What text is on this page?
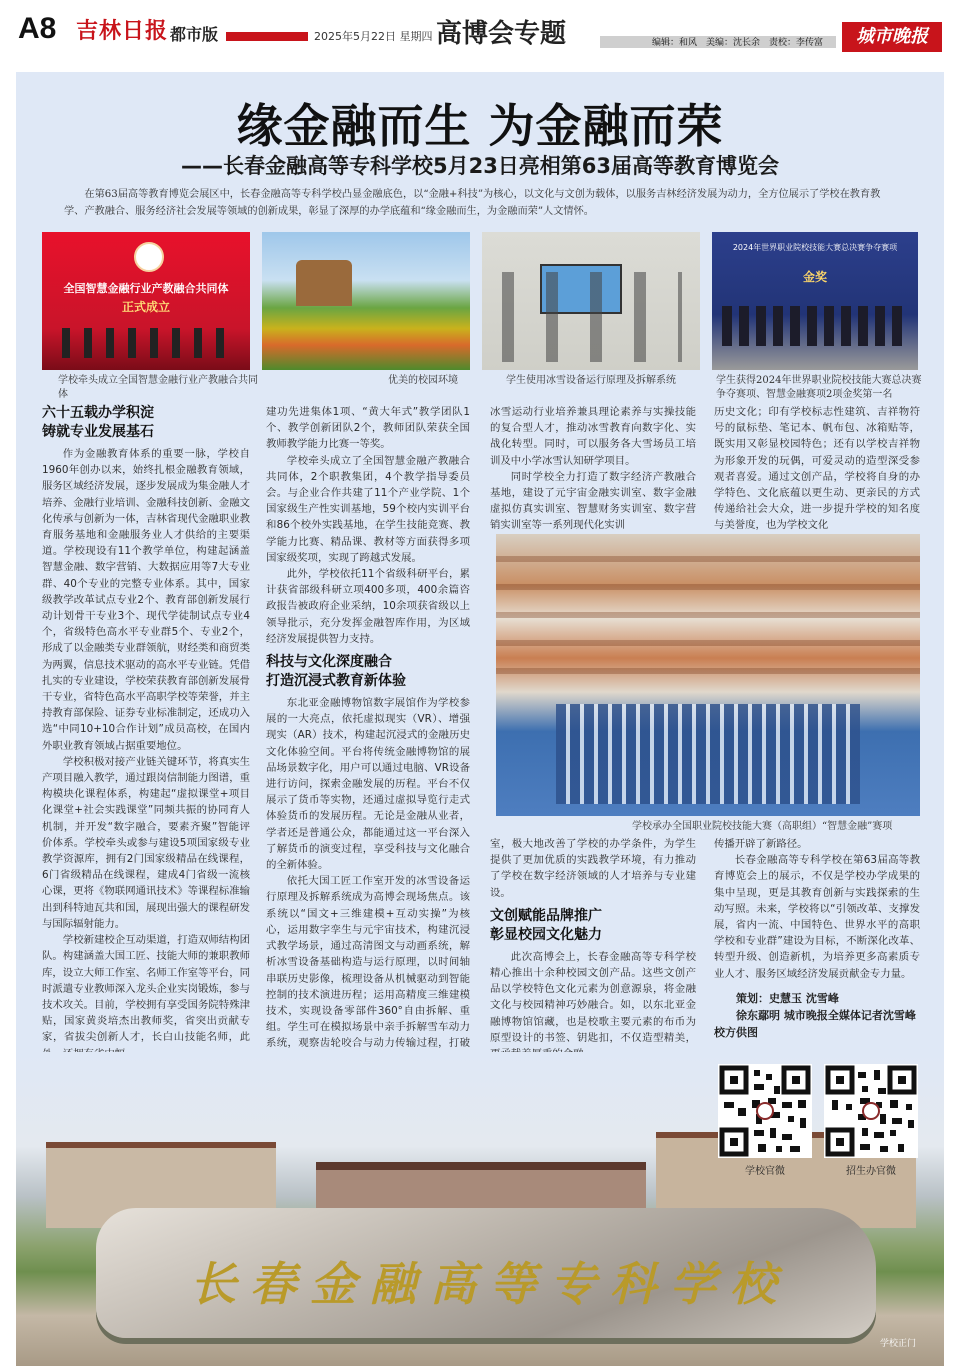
A8 吉林日报 都市版	2025年5月22日 星期四 高博会专题	编辑：和风　美编：沈长余　责校：李传富	城市晚报
缘金融而生 为金融而荣
——长春金融高等专科学校5月23日亮相第63届高等教育博览会
在第63届高等教育博览会展区中，长春金融高等专科学校凸显金融底色，以“金融+科技”为核心，以文化与文创为载体，以服务吉林经济发展为动力，全方位展示了学校在教育教学、产教融合、服务经济社会发展等领域的创新成果，彰显了深厚的办学底蕴和“缘金融而生，为金融而荣”人文情怀。
全国智慧金融行业产教融合共同体
正式成立
学校牵头成立全国智慧金融行业产教融合共同体
优美的校园环境	学生使用冰雪设备运行原理及拆解系统
2024年世界职业院校技能大赛总决赛争夺赛项
金奖
学生获得2024年世界职业院校技能大赛总决赛争夺赛项、智慧金融赛项2项金奖第一名
六十五载办学积淀
铸就专业发展基石

作为金融教育体系的重要一脉，学校自1960年创办以来，始终扎根金融教育领域，服务区域经济发展，逐步发展成为集金融人才培养、金融行业培训、金融科技创新、金融文化传承与创新为一体，吉林省现代金融职业教育服务基地和金融服务业人才供给的主要渠道。学校现设有11个教学单位，构建起涵盖智慧金融、数字营销、大数据应用等7大专业群、40个专业的完整专业体系。其中，国家级教学改革试点专业2个、教育部创新发展行动计划骨干专业3个、现代学徒制试点专业4个，省级特色高水平专业群5个、专业2个，形成了以金融类专业群领航，财经类和商贸类为两翼，信息技术驱动的高水平专业链。凭借扎实的专业建设，学校荣获教育部创新发展骨干专业，省特色高水平高职学校等荣誉，并主持教育部保险、证券专业标准制定，还成功入选“中同10+10合作计划”成员高校，在国内外职业教育领域占据重要地位。

学校积极对接产业链关键环节，将真实生产项目融入教学，通过跟岗信制能力图谱，重构模块化课程体系，构建起“虚拟课堂+项目化课堂+社会实践课堂”同频共振的协同育人机制，并开发“数字融合，要素齐聚”智能评价体系。学校牵头或参与建设5项国家级专业教学资源库，拥有2门国家级精品在线课程，6门省级精品在线课程，建成4门省级一流核心课，更将《物联网通讯技术》等课程标准输出到科特迪瓦共和国，展现出强大的课程研发与国际辐射能力。

学校新建校企互动渠道，打造双师结构团队。构建涵盖大国工匠、技能大师的兼职教师库，设立大师工作室、名师工作室等平台，同时派遣专业教师深入龙头企业实岗锻炼，参与技术攻关。目前，学校拥有享受国务院特殊津贴，国家黄炎培杰出教师奖，省突出贡献专家，省拔尖创新人才，长白山技能名师，此

建功先进集体1项、“黄大年式”教学团队1个、教学创新团队2个，教师团队荣获全国教师教学能力比赛一等奖。

学校牵头成立了全国智慧金融产教融合共同体，2个职教集团，4个教学指导委员会。与企业合作共建了11个产业学院、1个国家级生产性实训基地，59个校内实训平台和86个校外实践基地，在学生技能竞赛、教学能力比赛、精品课、教材等方面获得多项国家级奖项，实现了跨越式发展。

此外，学校依托11个省级科研平台，累计获省部级科研立项400多项，400余篇咨政报告被政府企业采纳，10余项获省级以上领导批示，充分发挥金融智库作用，为区域经济发展提供智力支持。

科技与文化深度融合
打造沉浸式教育新体验

东北亚金融博物馆数字展馆作为学校参展的一大亮点，依托虚拟现实（VR）、增强现实（AR）技术，构建起沉浸式的金融历史文化体验空间。平台将传统金融博物馆的展品场景数字化，用户可以通过电脑、VR设备进行访问，探索金融发展的历程。平台不仅展示了货币等实物，还通过虚拟导览行走式体验货币的发展历程。无论是金融从业者，学者还是普通公众，都能通过这一平台深入了解货币的演变过程，享受科技与文化融合的全新体验。

依托大国工匠工作室开发的冰雪设备运行原理及拆解系统成为高博会现场焦点。该系统以“国文+三维建模+互动实操”为核心，运用数字孪生与元宇宙技术，构建沉浸式教学场景，通过高清图文与动画系统，解析冰雪设备基础构造与运行原理，以时间轴串联历史影像，梳理设备从机械驱动到智能控制的技术演进历程；运用高精度三维建模技术，实现设备零部件360°自由拆解、重组。学生可在模拟场景中亲手拆解雪车动力系统，观察齿轮咬合与动力传输过程，打破

冰雪运动行业培养兼具理论素养与实操技能的复合型人才，推动冰雪教育向数字化、实战化转型。同时，可以服务各大雪场员工培训及中小学冰雪认知研学项目。

同时学校全力打造了数字经济产教融合基地，建设了元宇宙金融实训室、数字金融虚拟仿真实训室、智慧财务实训室、数字营销实训室等一系列现代化实训

历史文化；印有学校标志性建筑、吉祥物符号的鼠标垫、笔记本、帆布包、冰箱贴等，既实用又彰显校园特色；还有以学校吉祥物为形象开发的玩偶，可爱灵动的造型深受参观者喜爱。通过文创产品，学校将自身的办学特色、文化底蕴以更生动、更亲民的方式传递给社会大众，进一步提升学校的知名度与美誉度，也为学校文化

学校承办全国职业院校技能大赛（高职组）“智慧金融”赛项

室，极大地改善了学校的办学条件，为学生提供了更加优质的实践教学环境，有力推动了学校在数字经济领域的人才培养与专业建设。

文创赋能品牌推广
彰显校园文化魅力

此次高博会上，长春金融高等专科学校精心推出十余种校园文创产品。这些文创产品以学校特色文化元素为创意源泉，将金融文化与校园精神巧妙融合。如，以东北亚金融博物馆馆藏，也是校歌主要元素的布币为原型设计的书签、钥匙扣，不仅造型精美，

传播开辟了新路径。

长春金融高等专科学校在第63届高等教育博览会上的展示，不仅是学校办学成果的集中呈现，更是其教育创新与实践探索的生动写照。未来，学校将以“引领改革、支撑发展，省内一流、中国特色、世界水平的高职学校和专业群”建设为目标，不断深化改革、转型升级、创造新机，为培养更多高素质专业人才、服务区域经济发展贡献金专力量。

策划：史慧玉 沈雪峰
徐东鄢明 城市晚报全媒体记者沈雪峰 校方供图
长春金融高等专科学校
学校正门
学校官微	招生办官微
